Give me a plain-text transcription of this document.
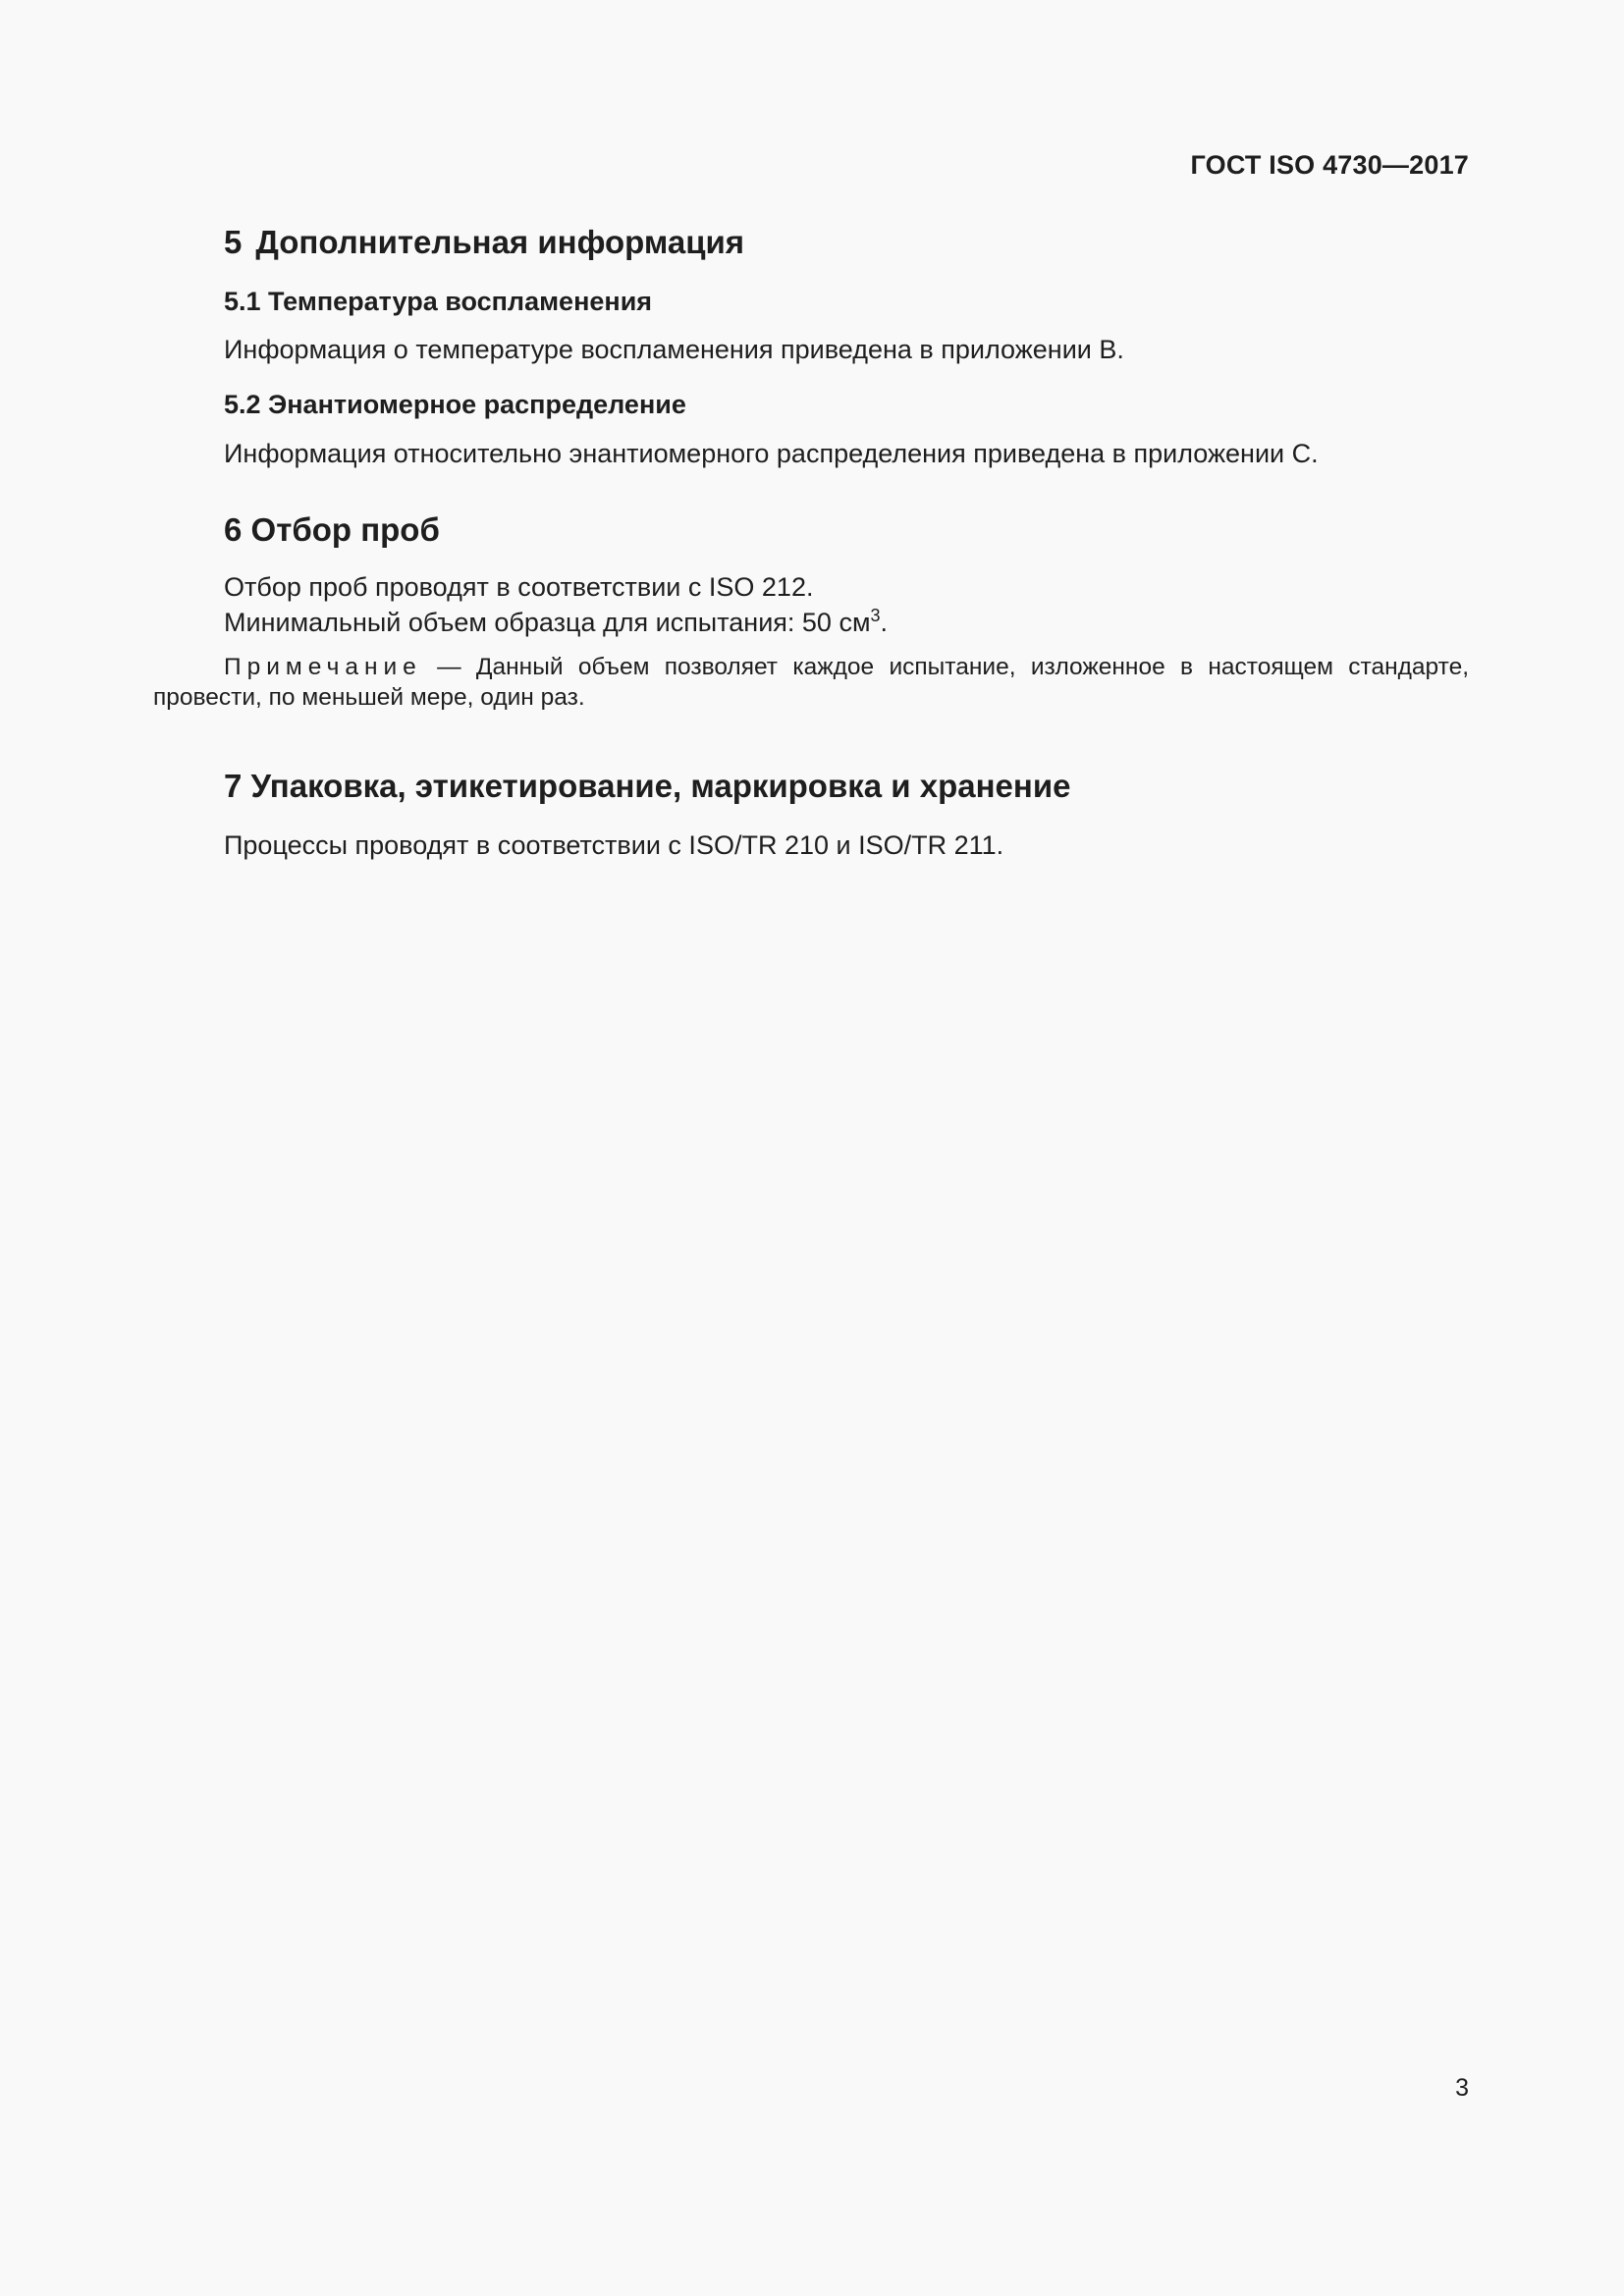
ГОСТ ISO 4730—2017
5 Дополнительная информация
5.1 Температура воспламенения

Информация о температуре воспламенения приведена в приложении В.

5.2 Энантиомерное распределение

Информация относительно энантиомерного распределения приведена в приложении С.

6 Отбор проб

Отбор проб проводят в соответствии с ISO 212.

Минимальный объем образца для испытания: 50 $см^3$.

Примечание — Данный объем позволяет каждое испытание, изложенное в настоящем стандарте, провести, по меньшей мере, один раз.
7 Упаковка, этикетирование, маркировка и хранение

Процессы проводят в соответствии с ISO/TR 210 и ISO/TR 211.

3
